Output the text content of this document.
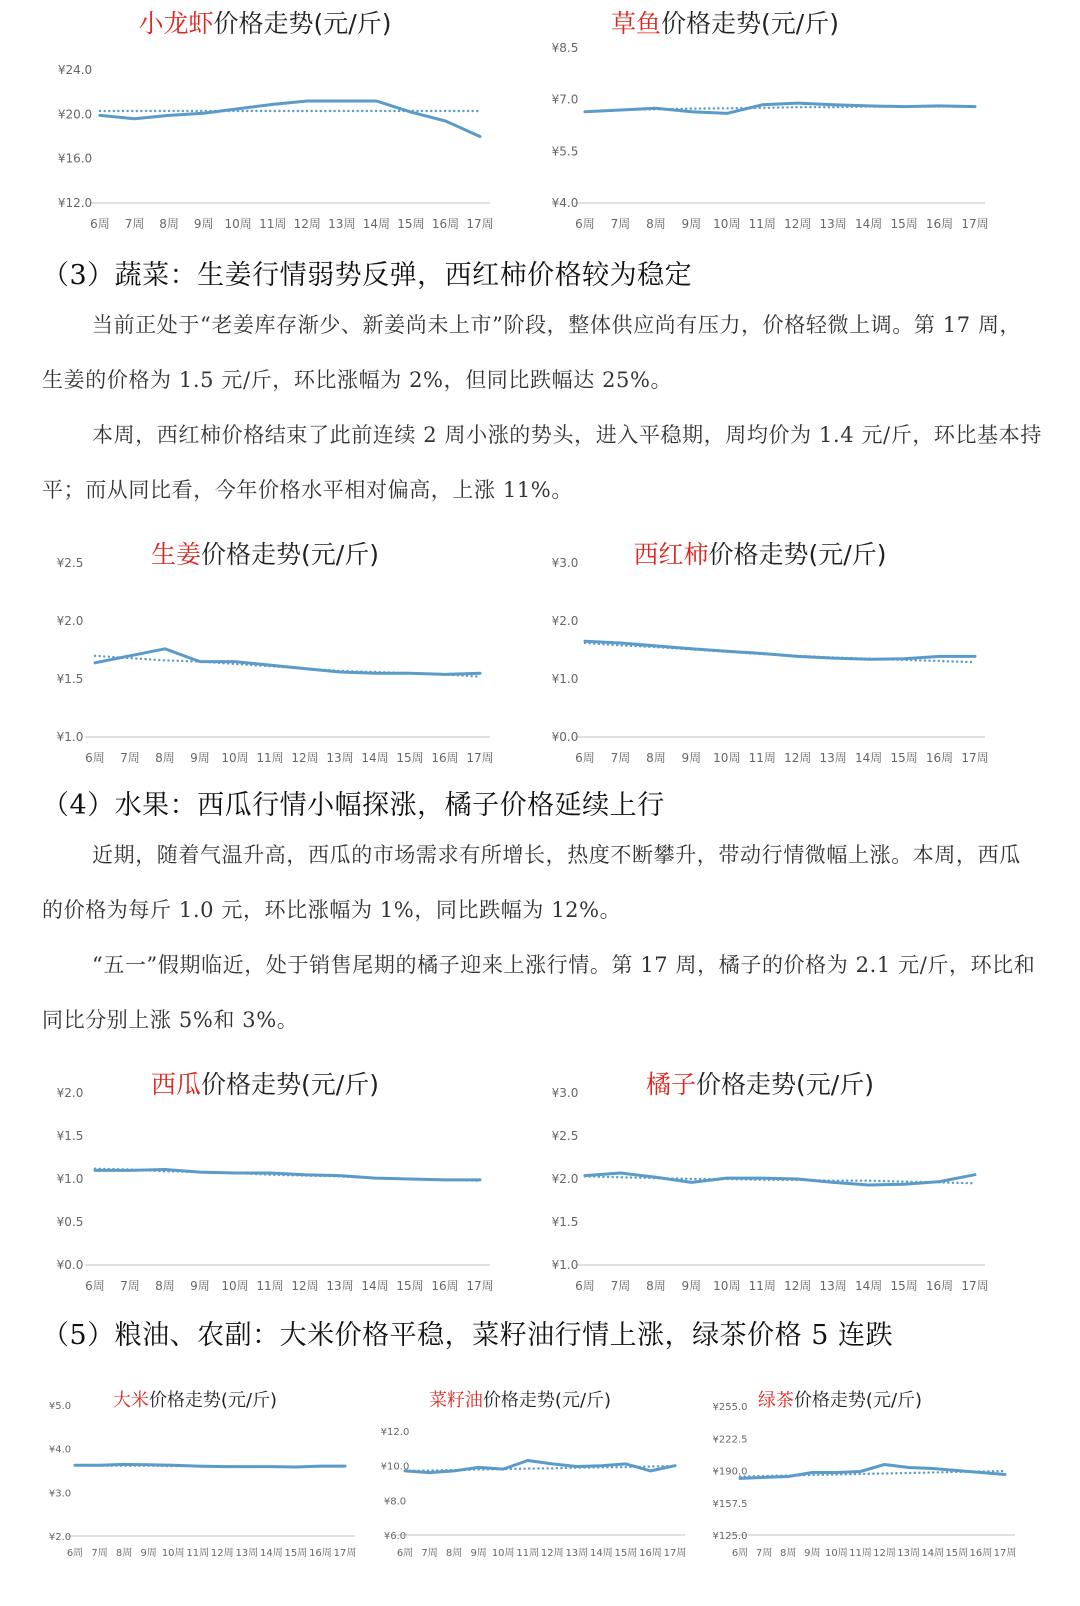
小龙虾价格走势(元/斤)
¥24.0
¥20.0
¥16.0
¥12.0
6周 7周 8周 9周 10周 11周 12周 13周 14周 15周 16周 17周
草鱼价格走势(元/斤)
¥8.5
¥7.0
¥5.5
¥4.0
6周 7周 8周 9周 10周 11周 12周 13周 14周 15周 16周 17周
（3）蔬菜：生姜行情弱势反弹，西红柿价格较为稳定

当前正处于“老姜库存渐少、新姜尚未上市”阶段，整体供应尚有压力，价格轻微上调。第 17 周，生姜的价格为 1.5 元/斤，环比涨幅为 2%，但同比跌幅达 25%。

本周，西红柿价格结束了此前连续 2 周小涨的势头，进入平稳期，周均价为 1.4 元/斤，环比基本持平；而从同比看，今年价格水平相对偏高，上涨 11%。

生姜价格走势(元/斤)
¥2.5
¥2.0
¥1.5
¥1.0
6周 7周 8周 9周 10周 11周 12周 13周 14周 15周 16周 17周
西红柿价格走势(元/斤)
¥3.0
¥2.0
¥1.0
¥0.0
6周 7周 8周 9周 10周 11周 12周 13周 14周 15周 16周 17周
（4）水果：西瓜行情小幅探涨，橘子价格延续上行

近期，随着气温升高，西瓜的市场需求有所增长，热度不断攀升，带动行情微幅上涨。本周，西瓜的价格为每斤 1.0 元，环比涨幅为 1%，同比跌幅为 12%。

“五一”假期临近，处于销售尾期的橘子迎来上涨行情。第 17 周，橘子的价格为 2.1 元/斤，环比和同比分别上涨 5%和 3%。

西瓜价格走势(元/斤)
¥2.0
¥1.5
¥1.0
¥0.5
¥0.0
6周 7周 8周 9周 10周 11周 12周 13周 14周 15周 16周 17周
橘子价格走势(元/斤)
¥3.0
¥2.5
¥2.0
¥1.5
¥1.0
6周 7周 8周 9周 10周 11周 12周 13周 14周 15周 16周 17周
（5）粮油、农副：大米价格平稳，菜籽油行情上涨，绿茶价格 5 连跌
大米价格走势(元/斤)
¥5.0
¥4.0
¥3.0
¥2.0
6周 7周 8周 9周 10周 11周 12周 13周 14周 15周 16周 17周
菜籽油价格走势(元/斤)
¥12.0
¥10.0
¥8.0
¥6.0
6周 7周 8周 9周 10周 11周 12周 13周 14周 15周 16周 17周
绿茶价格走势(元/斤)
¥255.0
¥222.5
¥190.0
¥157.5
¥125.0
6周 7周 8周 9周 10周 11周 12周 13周 14周 15周 16周 17周
